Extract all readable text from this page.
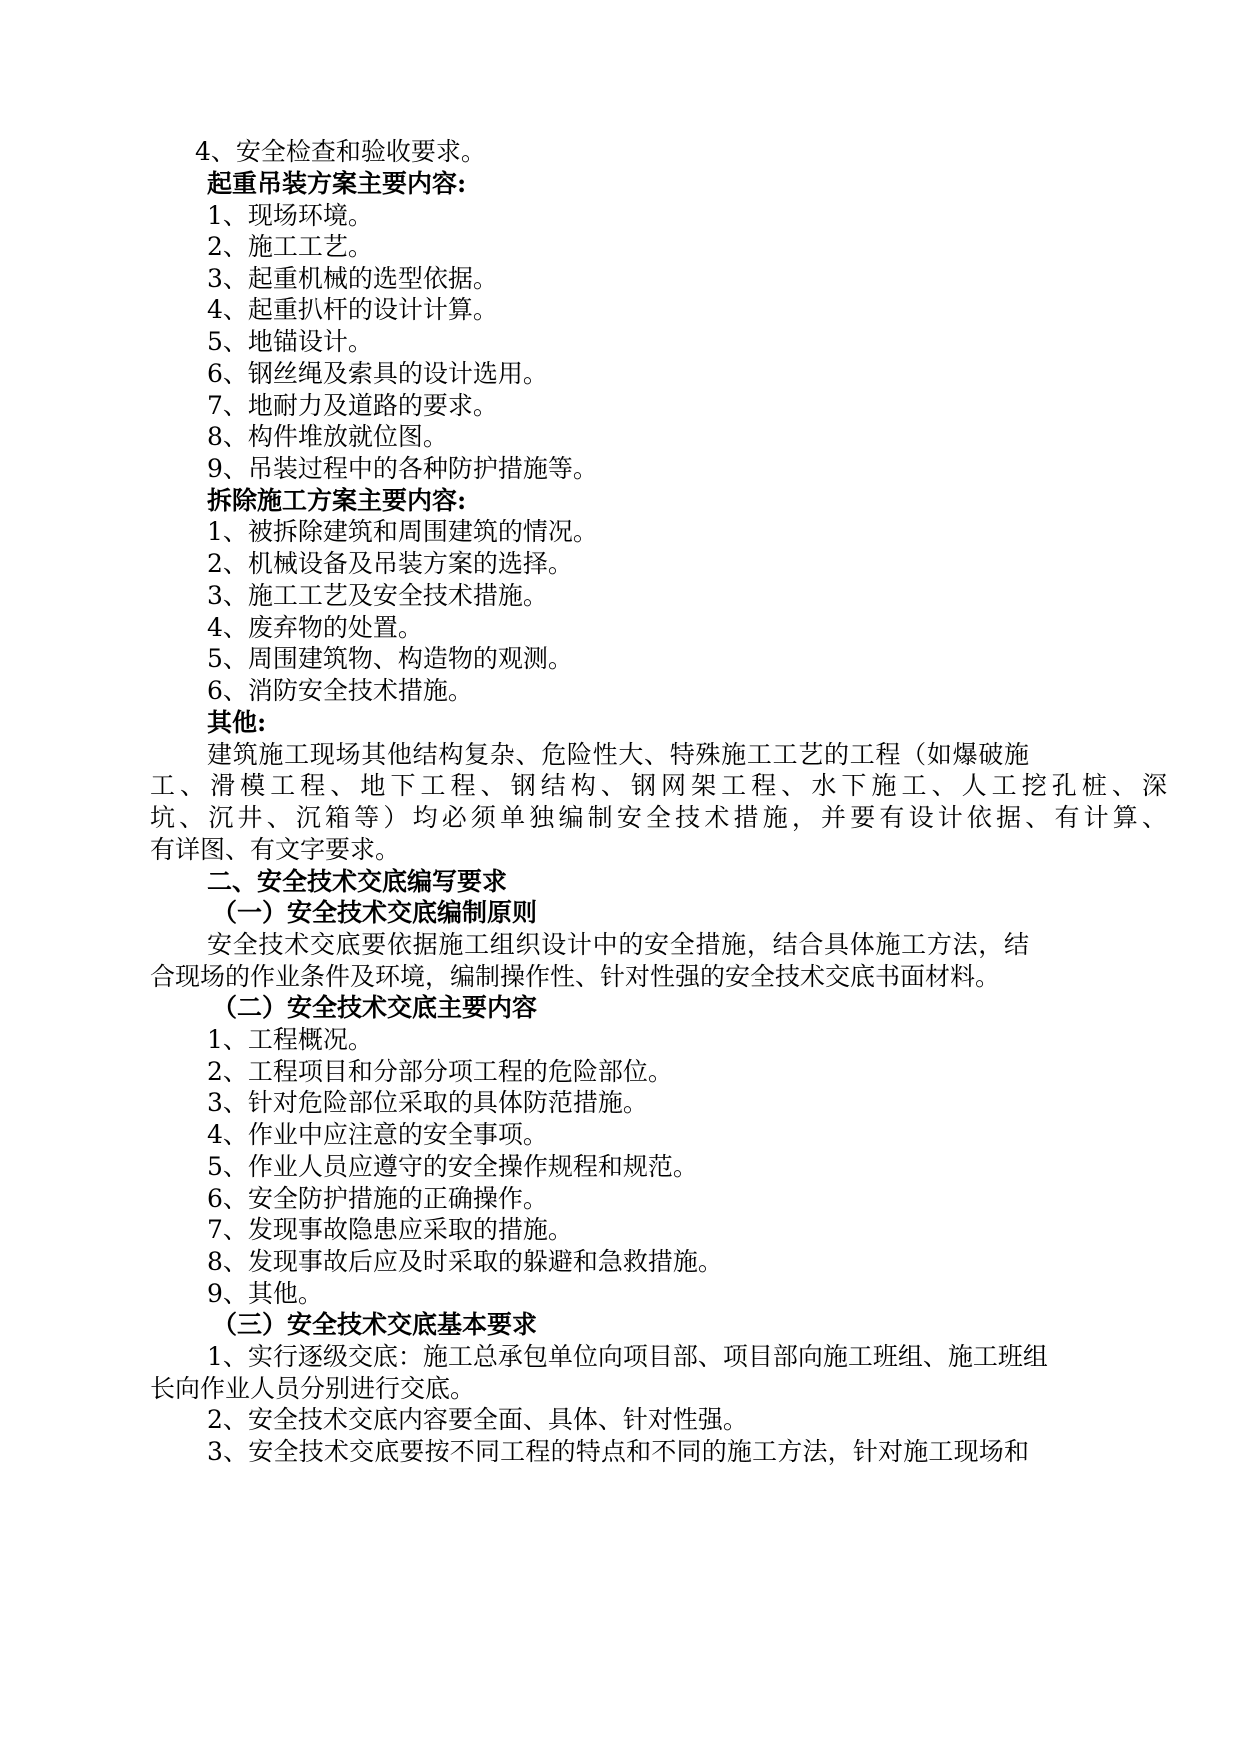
4、安全检查和验收要求。
起重吊装方案主要内容:
1、现场环境。
2、施工工艺。
3、起重机械的选型依据。
4、起重扒杆的设计计算。
5、地锚设计。
6、钢丝绳及索具的设计选用。
7、地耐力及道路的要求。
8、构件堆放就位图。
9、吊装过程中的各种防护措施等。
拆除施工方案主要内容:
1、被拆除建筑和周围建筑的情况。
2、机械设备及吊装方案的选择。
3、施工工艺及安全技术措施。
4、废弃物的处置。
5、周围建筑物、构造物的观测。
6、消防安全技术措施。
其他:
建筑施工现场其他结构复杂、危险性大、特殊施工工艺的工程（如爆破施
工、滑模工程、地下工程、钢结构、钢网架工程、水下施工、人工挖孔桩、深
坑、沉井、沉箱等）均必须单独编制安全技术措施，并要有设计依据、有计算、
有详图、有文字要求。
二、安全技术交底编写要求
（一）安全技术交底编制原则
安全技术交底要依据施工组织设计中的安全措施，结合具体施工方法，结
合现场的作业条件及环境，编制操作性、针对性强的安全技术交底书面材料。
（二）安全技术交底主要内容
1、工程概况。
2、工程项目和分部分项工程的危险部位。
3、针对危险部位采取的具体防范措施。
4、作业中应注意的安全事项。
5、作业人员应遵守的安全操作规程和规范。
6、安全防护措施的正确操作。
7、发现事故隐患应采取的措施。
8、发现事故后应及时采取的躲避和急救措施。
9、其他。
（三）安全技术交底基本要求
1、实行逐级交底：施工总承包单位向项目部、项目部向施工班组、施工班组
长向作业人员分别进行交底。
2、安全技术交底内容要全面、具体、针对性强。
3、安全技术交底要按不同工程的特点和不同的施工方法，针对施工现场和
